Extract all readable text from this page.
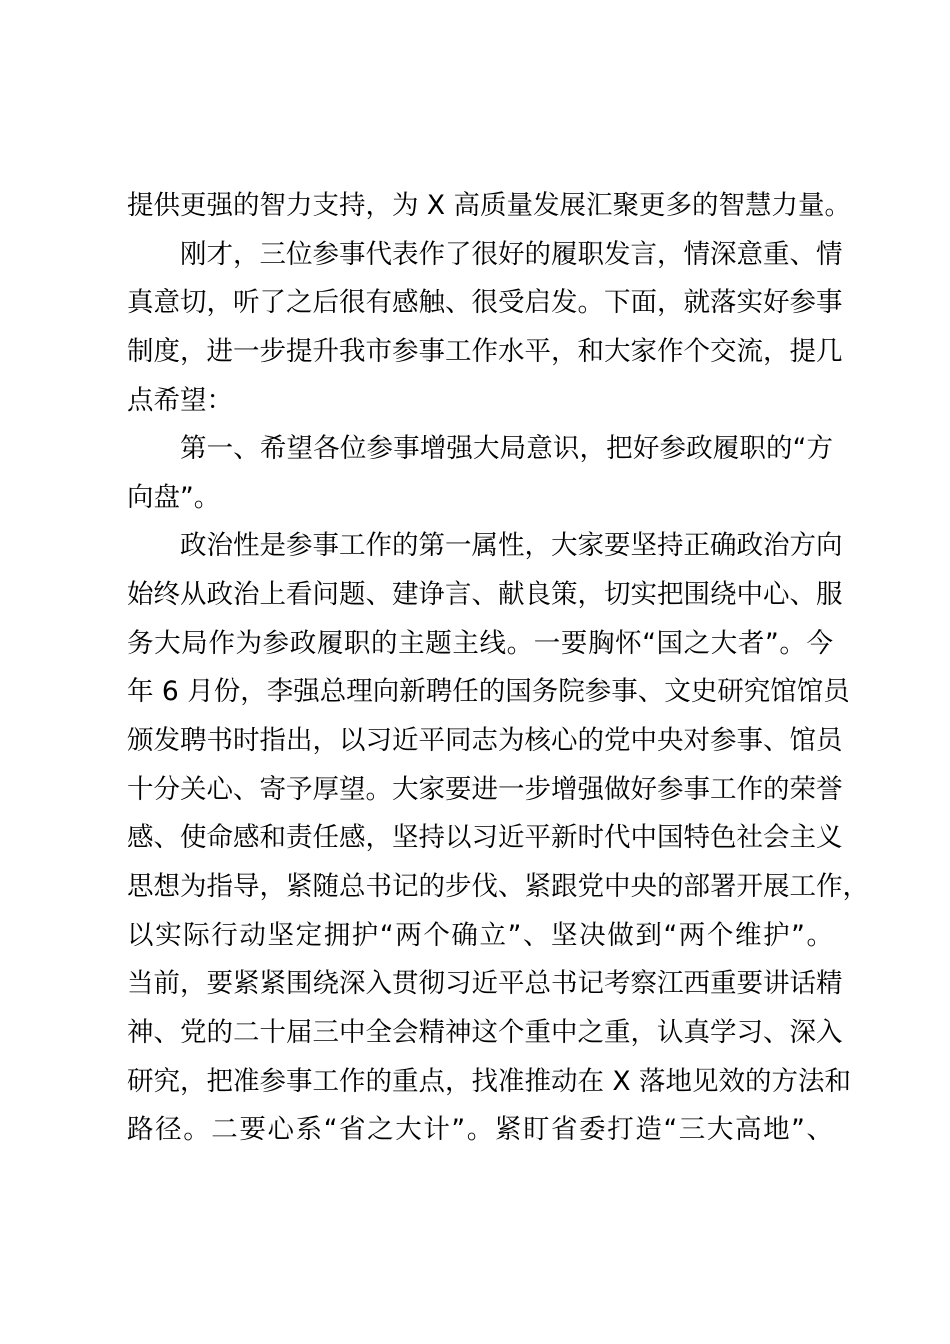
提供更强的智力支持，为 X 高质量发展汇聚更多的智慧力量。
刚才，三位参事代表作了很好的履职发言，情深意重、情
真意切，听了之后很有感触、很受启发。下面，就落实好参事
制度，进一步提升我市参事工作水平，和大家作个交流，提几
点希望：
第一、希望各位参事增强大局意识，把好参政履职的“方
向盘”。
政治性是参事工作的第一属性，大家要坚持正确政治方向
始终从政治上看问题、建诤言、献良策，切实把围绕中心、服
务大局作为参政履职的主题主线。一要胸怀“国之大者”。今
年 6 月份，李强总理向新聘任的国务院参事、文史研究馆馆员
颁发聘书时指出，以习近平同志为核心的党中央对参事、馆员
十分关心、寄予厚望。大家要进一步增强做好参事工作的荣誉
感、使命感和责任感，坚持以习近平新时代中国特色社会主义
思想为指导，紧随总书记的步伐、紧跟党中央的部署开展工作，
以实际行动坚定拥护“两个确立”、坚决做到“两个维护”。
当前，要紧紧围绕深入贯彻习近平总书记考察江西重要讲话精
神、党的二十届三中全会精神这个重中之重，认真学习、深入
研究，把准参事工作的重点，找准推动在 X 落地见效的方法和
路径。二要心系“省之大计”。紧盯省委打造“三大高地”、
